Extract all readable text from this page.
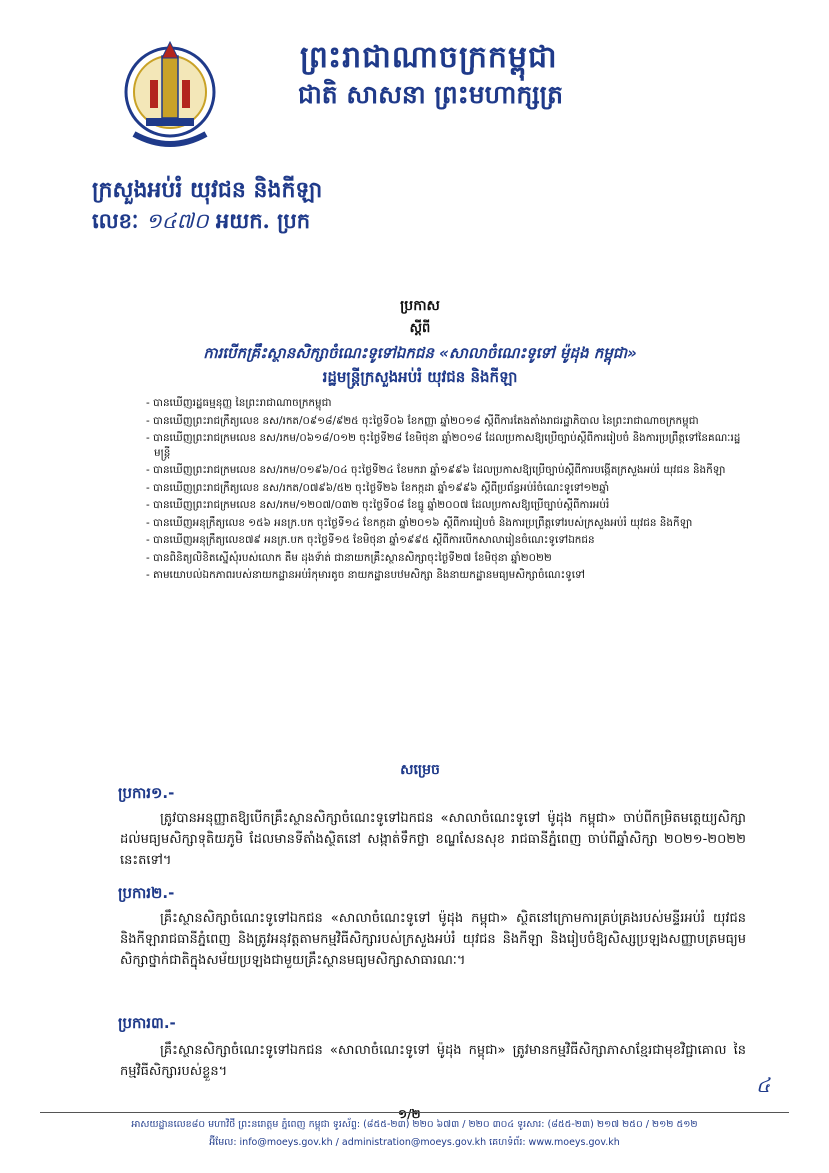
ព្រះរាជាណាចក្រកម្ពុជា
ជាតិ សាសនា ព្រះមហាក្សត្រ
ក្រសួងអប់រំ យុវជន និងកីឡា
លេខៈ ១៤៧០ អយក. ប្រក
ប្រកាស
ស្ដីពី
ការបើកគ្រឹះស្ថានសិក្សាចំណេះទូទៅឯកជន «សាលាចំណេះទូទៅ ម៉ូដុង កម្ពុជា»
រដ្ឋមន្ត្រីក្រសួងអប់រំ យុវជន និងកីឡា
- បានឃើញរដ្ឋធម្មនុញ្ញ នៃព្រះរាជាណាចក្រកម្ពុជា
- បានឃើញព្រះរាជក្រឹត្យលេខ នស/រកត/០៩១៨/៩២៥ ចុះថ្ងៃទី០៦ ខែកញ្ញា ឆ្នាំ២០១៨ ស្ដីពីការតែងតាំងរាជរដ្ឋាភិបាល នៃព្រះរាជាណាចក្រកម្ពុជា
- បានឃើញព្រះរាជក្រមលេខ នស/រកម/០៦១៨/០១២ ចុះថ្ងៃទី២៨ ខែមិថុនា ឆ្នាំ២០១៨ ដែលប្រកាសឱ្យប្រើច្បាប់ស្ដីពីការរៀបចំ និងការប្រព្រឹត្តទៅនៃគណៈរដ្ឋមន្ត្រី
- បានឃើញព្រះរាជក្រមលេខ នស/រកម/០១៩៦/០៤ ចុះថ្ងៃទី២៤ ខែមករា ឆ្នាំ១៩៩៦ ដែលប្រកាសឱ្យប្រើច្បាប់ស្ដីពីការបង្កើតក្រសួងអប់រំ យុវជន និងកីឡា
- បានឃើញព្រះរាជក្រឹត្យលេខ នស/រកត/០៧៩៦/៥២ ចុះថ្ងៃទី២៦ ខែកក្កដា ឆ្នាំ១៩៩៦ ស្ដីពីប្រព័ន្ធអប់រំចំណេះទូទៅ១២ឆ្នាំ
- បានឃើញព្រះរាជក្រមលេខ នស/រកម/១២០៧/០៣២ ចុះថ្ងៃទី០៨ ខែធ្នូ ឆ្នាំ២០០៧ ដែលប្រកាសឱ្យប្រើច្បាប់ស្ដីពីការអប់រំ
- បានឃើញអនុក្រឹត្យលេខ ១៥៦ អនក្រ.បក ចុះថ្ងៃទី១៤ ខែកក្កដា ឆ្នាំ២០១៦ ស្ដីពីការរៀបចំ និងការប្រព្រឹត្តទៅរបស់ក្រសួងអប់រំ យុវជន និងកីឡា
- បានឃើញអនុក្រឹត្យលេខ៧៩ អនក្រ.បក ចុះថ្ងៃទី១៥ ខែមិថុនា ឆ្នាំ១៩៩៥ ស្ដីពីការបើកសាលារៀនចំណេះទូទៅឯកជន
- បានពិនិត្យលិខិតស្នើសុំរបស់លោក តឹម ដុងទ័ាត់ ជានាយកគ្រឹះស្ថានសិក្សាចុះថ្ងៃទី២៧ ខែមិថុនា ឆ្នាំ២០២២
- តាមយោបល់ឯកភាពរបស់នាយកដ្ឋានអប់រំកុមារតូច នាយកដ្ឋានបឋមសិក្សា និងនាយកដ្ឋានមធ្យមសិក្សាចំណេះទូទៅ
សម្រេច
ប្រការ១.-
ត្រូវបានអនុញ្ញាតឱ្យបើកគ្រឹះស្ថានសិក្សាចំណេះទូទៅឯកជន «សាលាចំណេះទូទៅ ម៉ូដុង កម្ពុជា» ចាប់ពីកម្រិតមត្តេយ្យសិក្សាដល់មធ្យមសិក្សាទុតិយភូមិ ដែលមានទីតាំងស្ថិតនៅ សង្កាត់ទឹកថ្លា ខណ្ឌសែនសុខ រាជធានីភ្នំពេញ ចាប់ពីឆ្នាំសិក្សា ២០២១-២០២២ នេះតទៅ។
ប្រការ២.-
គ្រឹះស្ថានសិក្សាចំណេះទូទៅឯកជន «សាលាចំណេះទូទៅ ម៉ូដុង កម្ពុជា» ស្ថិតនៅក្រោមការគ្រប់គ្រងរបស់មន្ទីរអប់រំ យុវជន និងកីឡារាជធានីភ្នំពេញ និងត្រូវអនុវត្តតាមកម្មវិធីសិក្សារបស់ក្រសួងអប់រំ យុវជន និងកីឡា និងរៀបចំឱ្យសិស្សប្រឡងសញ្ញាបត្រមធ្យមសិក្សាថ្នាក់ជាតិក្នុងសម័យប្រឡងជាមួយគ្រឹះស្ថានមធ្យមសិក្សាសាធារណៈ។
ប្រការ៣.-
គ្រឹះស្ថានសិក្សាចំណេះទូទៅឯកជន «សាលាចំណេះទូទៅ ម៉ូដុង កម្ពុជា» ត្រូវមានកម្មវិធីសិក្សាភាសាខ្មែរជាមុខវិជ្ជាគោល នៃកម្មវិធីសិក្សារបស់ខ្លួន។
៤
១/២
អាសយដ្ឋានលេខ៨០ មហាវិថី ព្រះនរោត្តម ភ្នំពេញ កម្ពុជា ទូរស័ព្ទ: (៨៥៥-២៣) ២២០ ៦៧៣ / ២២០ ៣០៤ ទូរសារ: (៨៥៥-២៣) ២១៧ ២៥០ / ២១២ ៥១២
អ៊ីមែល: info@moeys.gov.kh / administration@moeys.gov.kh គេហទំព័រ: www.moeys.gov.kh
